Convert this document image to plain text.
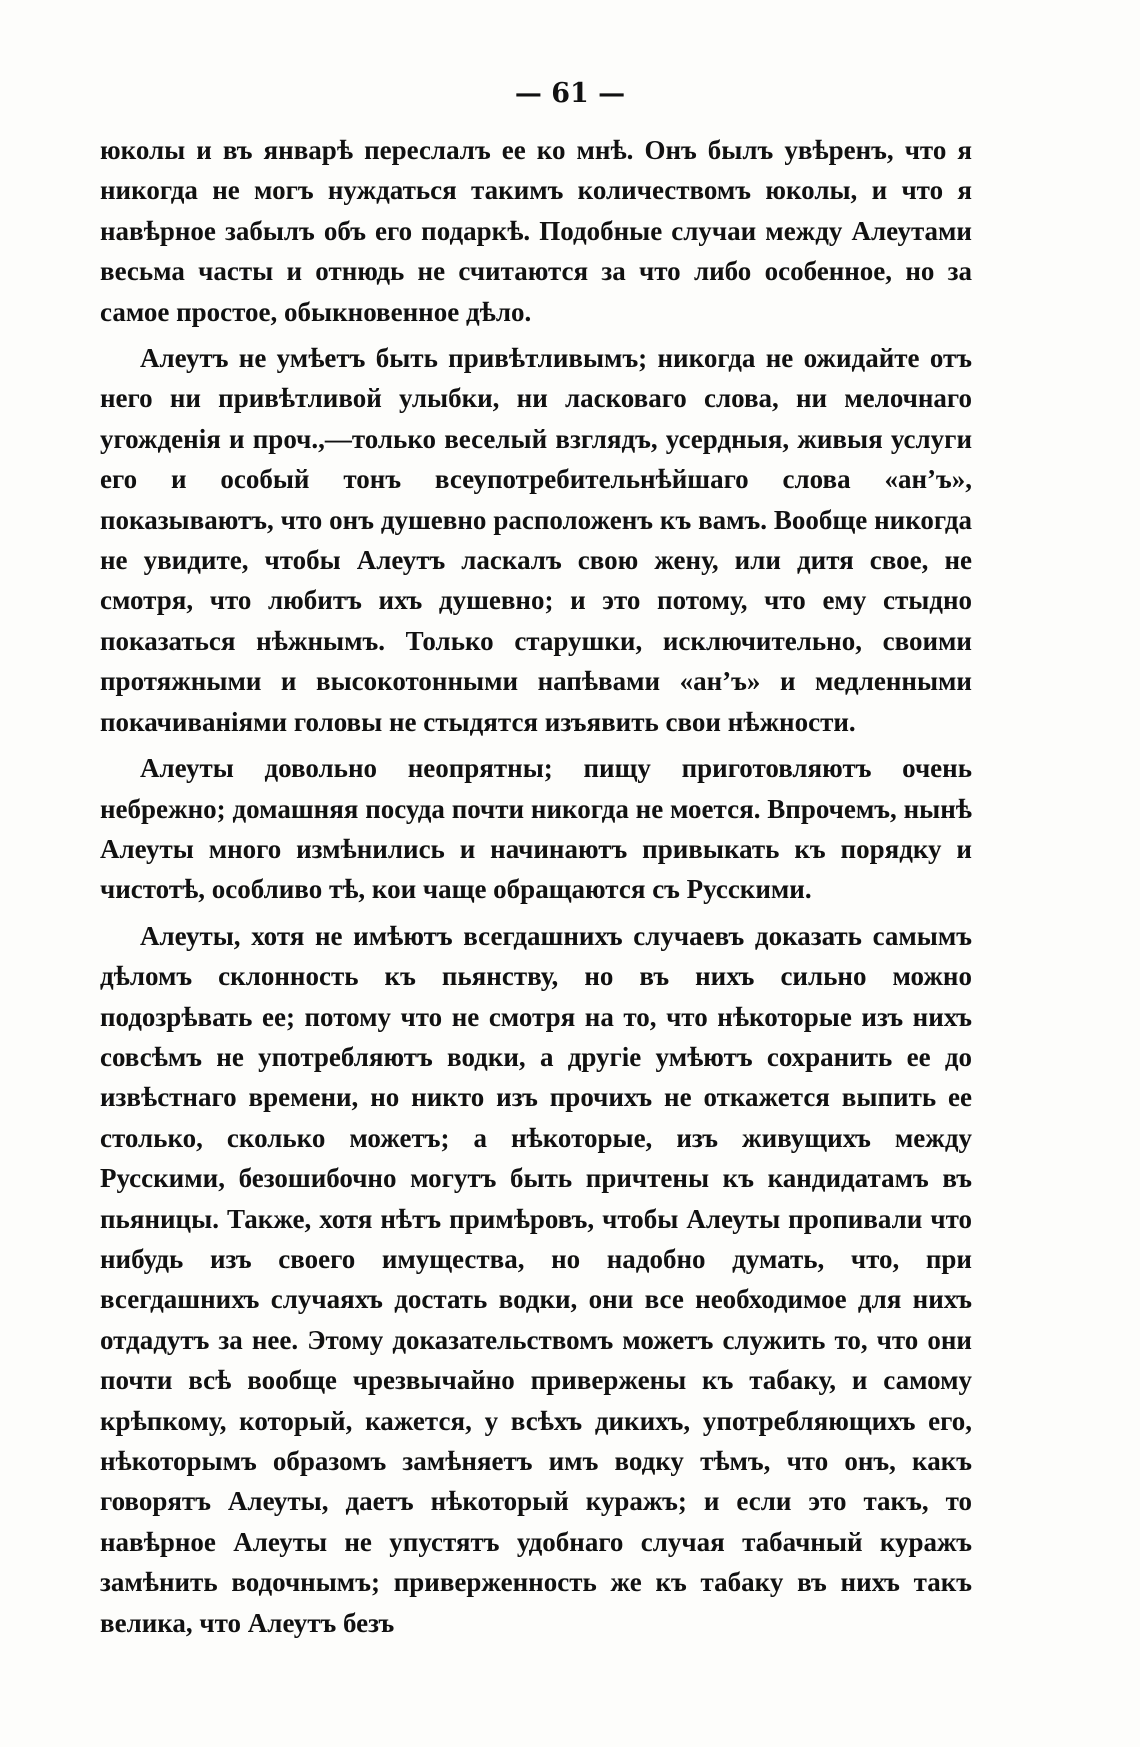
— 61 —

юколы и въ январѣ переслалъ ее ко мнѣ. Онъ былъ увѣренъ, что я никогда не могъ нуждаться такимъ количествомъ юколы, и что я навѣрное забылъ объ его подаркѣ. Подобные случаи между Алеутами весьма часты и отнюдь не считаются за что либо особенное, но за самое простое, обыкновенное дѣло.

Алеутъ не умѣетъ быть привѣтливымъ; никогда не ожидайте отъ него ни привѣтливой улыбки, ни ласковаго слова, ни мелочнаго угожденія и проч.,—только веселый взглядъ, усердныя, живыя услуги его и особый тонъ всеупотребительнѣйшаго слова «ан’ъ», показываютъ, что онъ душевно расположенъ къ вамъ. Вообще никогда не увидите, чтобы Алеутъ ласкалъ свою жену, или дитя свое, не смотря, что любитъ ихъ душевно; и это потому, что ему стыдно показаться нѣжнымъ. Только старушки, исключительно, своими протяжными и высокотонными напѣвами «ан’ъ» и медленными покачиваніями головы не стыдятся изъявить свои нѣжности.

Алеуты довольно неопрятны; пищу приготовляютъ очень небрежно; домашняя посуда почти никогда не моется. Впрочемъ, нынѣ Алеуты много измѣнились и начинаютъ привыкать къ порядку и чистотѣ, особливо тѣ, кои чаще обращаются съ Русскими.

Алеуты, хотя не имѣютъ всегдашнихъ случаевъ доказать самымъ дѣломъ склонность къ пьянству, но въ нихъ сильно можно подозрѣвать ее; потому что не смотря на то, что нѣкоторые изъ нихъ совсѣмъ не употребляютъ водки, а другіе умѣютъ сохранить ее до извѣстнаго времени, но никто изъ прочихъ не откажется выпить ее столько, сколько можетъ; а нѣкоторые, изъ живущихъ между Русскими, безошибочно могутъ быть причтены къ кандидатамъ въ пьяницы. Также, хотя нѣтъ примѣровъ, чтобы Алеуты пропивали что нибудь изъ своего имущества, но надобно думать, что, при всегдашнихъ случаяхъ достать водки, они все необходимое для нихъ отдадутъ за нее. Этому доказательствомъ можетъ служить то, что они почти всѣ вообще чрезвычайно привержены къ табаку, и самому крѣпкому, который, кажется, у всѣхъ дикихъ, употребляющихъ его, нѣкоторымъ образомъ замѣняетъ имъ водку тѣмъ, что онъ, какъ говорятъ Алеуты, даетъ нѣкоторый куражъ; и если это такъ, то навѣрное Алеуты не упустятъ удобнаго случая табачный куражъ замѣнить водочнымъ; приверженность же къ табаку въ нихъ такъ велика, что Алеутъ безъ
